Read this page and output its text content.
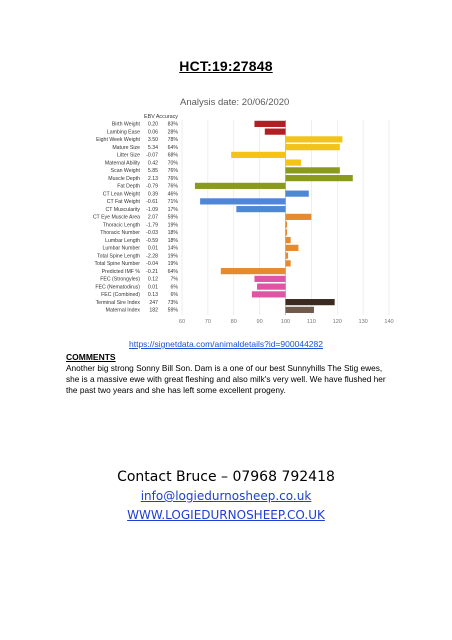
HCT:19:27848
Analysis date: 20/06/2020
EBV Accuracy
60	70	80	90	100	110	120	130	140
Birth Weight 0.20 83%
Lambing Ease 0.06 28%
Eight Week Weight 3.50 78%
Mature Size 5.34 64%
Litter Size -0.07 68%
Maternal Ability 0.42 70%
Scan Weight 5.85 76%
Muscle Depth 2.13 76%
Fat Depth -0.79 76%
CT Lean Weight 0.39 46%
CT Fat Weight -0.61 71%
CT Muscularity -1.09 17%
CT Eye Muscle Area 2.07 59%
Thoracic Length -1.79 19%
Thoracic Number -0.03 18%
Lumbar Length -0.59 18%
Lumbar Number 0.01 14%
Total Spine Length -2.28 19%
Total Spine Number -0.04 19%
Predicted IMF % -0.21 64%
FEC (Strongyles) 0.12 7%
FEC (Nematodirus) 0.01 6%
FEC (Combined) 0.13 6%
Terminal Sire Index 247 73%
Maternal Index 182 59%
https://signetdata.com/animaldetails?id=900044282
COMMENTS
Another big strong Sonny Bill Son. Dam is a one of our best Sunnyhills The Stig ewes, she is a massive ewe with great fleshing and also milk's very well. We have flushed her the past two years and she has left some excellent progeny.
Contact Bruce – 07968 792418
info@logiedurnosheep.co.uk
WWW.LOGIEDURNOSHEEP.CO.UK
